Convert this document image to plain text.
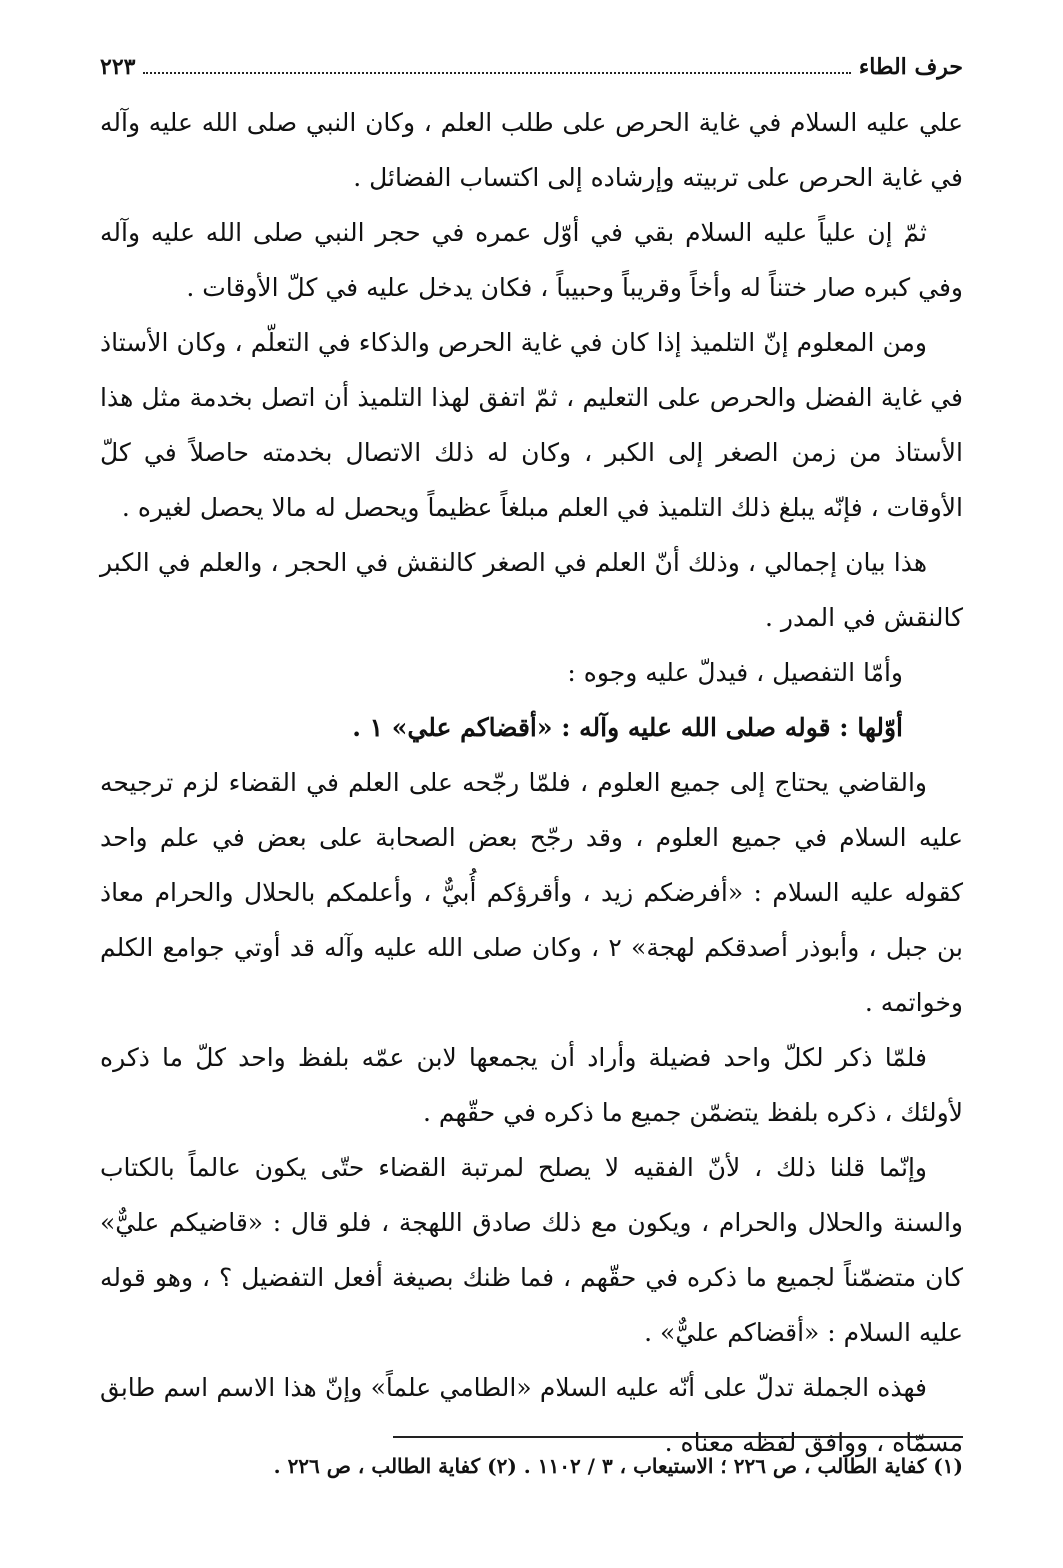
حرف الطاء
٢٢٣

علي عليه السلام في غاية الحرص على طلب العلم ، وكان النبي صلى الله عليه وآله في غاية الحرص على تربيته وإرشاده إلى اكتساب الفضائل .

ثمّ إن علياً عليه السلام بقي في أوّل عمره في حجر النبي صلى الله عليه وآله وفي كبره صار ختناً له وأخاً وقريباً وحبيباً ، فكان يدخل عليه في كلّ الأوقات .

ومن المعلوم إنّ التلميذ إذا كان في غاية الحرص والذكاء في التعلّم ، وكان الأستاذ في غاية الفضل والحرص على التعليم ، ثمّ اتفق لهذا التلميذ أن اتصل بخدمة مثل هذا الأستاذ من زمن الصغر إلى الكبر ، وكان له ذلك الاتصال بخدمته حاصلاً في كلّ الأوقات ، فإنّه يبلغ ذلك التلميذ في العلم مبلغاً عظيماً ويحصل له مالا يحصل لغيره .

هذا بيان إجمالي ، وذلك أنّ العلم في الصغر كالنقش في الحجر ، والعلم في الكبر كالنقش في المدر .

وأمّا التفصيل ، فيدلّ عليه وجوه :

أوّلها : قوله صلى الله عليه وآله : «أقضاكم علي» ١ .

والقاضي يحتاج إلى جميع العلوم ، فلمّا رجّحه على العلم في القضاء لزم ترجيحه عليه السلام في جميع العلوم ، وقد رجّح بعض الصحابة على بعض في علم واحد كقوله عليه السلام : «أفرضكم زيد ، وأقرؤكم أُبيٌّ ، وأعلمكم بالحلال والحرام معاذ بن جبل ، وأبوذر أصدقكم لهجة» ٢ ، وكان صلى الله عليه وآله قد أوتي جوامع الكلم وخواتمه .

فلمّا ذكر لكلّ واحد فضيلة وأراد أن يجمعها لابن عمّه بلفظ واحد كلّ ما ذكره لأولئك ، ذكره بلفظ يتضمّن جميع ما ذكره في حقّهم .

وإنّما قلنا ذلك ، لأنّ الفقيه لا يصلح لمرتبة القضاء حتّى يكون عالماً بالكتاب والسنة والحلال والحرام ، ويكون مع ذلك صادق اللهجة ، فلو قال : «قاضيكم عليٌّ» كان متضمّناً لجميع ما ذكره في حقّهم ، فما ظنك بصيغة أفعل التفضيل ؟ ، وهو قوله عليه السلام : «أقضاكم عليٌّ» .

فهذه الجملة تدلّ على أنّه عليه السلام «الطامي علماً» وإنّ هذا الاسم اسم طابق مسمّاه ، ووافق لفظه معناه .

(١) كفاية الطالب ، ص ٢٢٦ ؛ الاستيعاب ، ٣ / ١١٠٢ . (٢) كفاية الطالب ، ص ٢٢٦ .
